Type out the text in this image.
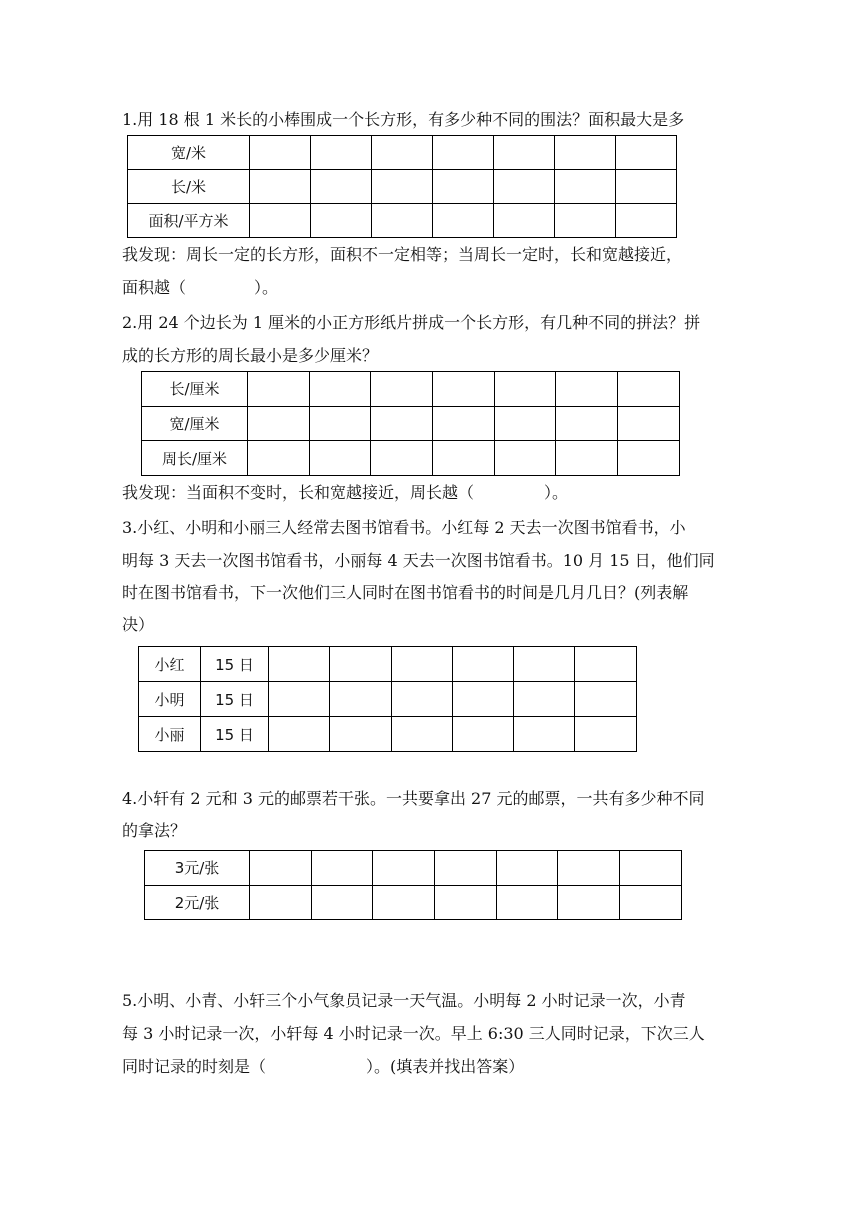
1.用 18 根 1 米长的小棒围成一个长方形，有多少种不同的围法？面积最大是多
宽/米							
长/米							
面积/平方米							
我发现：周长一定的长方形，面积不一定相等；当周长一定时，长和宽越接近，
面积越（	）。
2.用 24 个边长为 1 厘米的小正方形纸片拼成一个长方形，有几种不同的拼法？拼
成的长方形的周长最小是多少厘米？
长/厘米							
宽/厘米							
周长/厘米							
我发现：当面积不变时，长和宽越接近，周长越（	）。
3.小红、小明和小丽三人经常去图书馆看书。小红每 2 天去一次图书馆看书，小
明每 3 天去一次图书馆看书，小丽每 4 天去一次图书馆看书。10 月 15 日，他们同
时在图书馆看书，下一次他们三人同时在图书馆看书的时间是几月几日？(列表解
决）
小红	15 日						
小明	15 日						
小丽	15 日						
4.小轩有 2 元和 3 元的邮票若干张。一共要拿出 27 元的邮票，一共有多少种不同
的拿法？
3元/张							
2元/张							
5.小明、小青、小轩三个小气象员记录一天气温。小明每 2 小时记录一次，小青
每 3 小时记录一次，小轩每 4 小时记录一次。早上 6:30 三人同时记录，下次三人
同时记录的时刻是（	）。(填表并找出答案）
